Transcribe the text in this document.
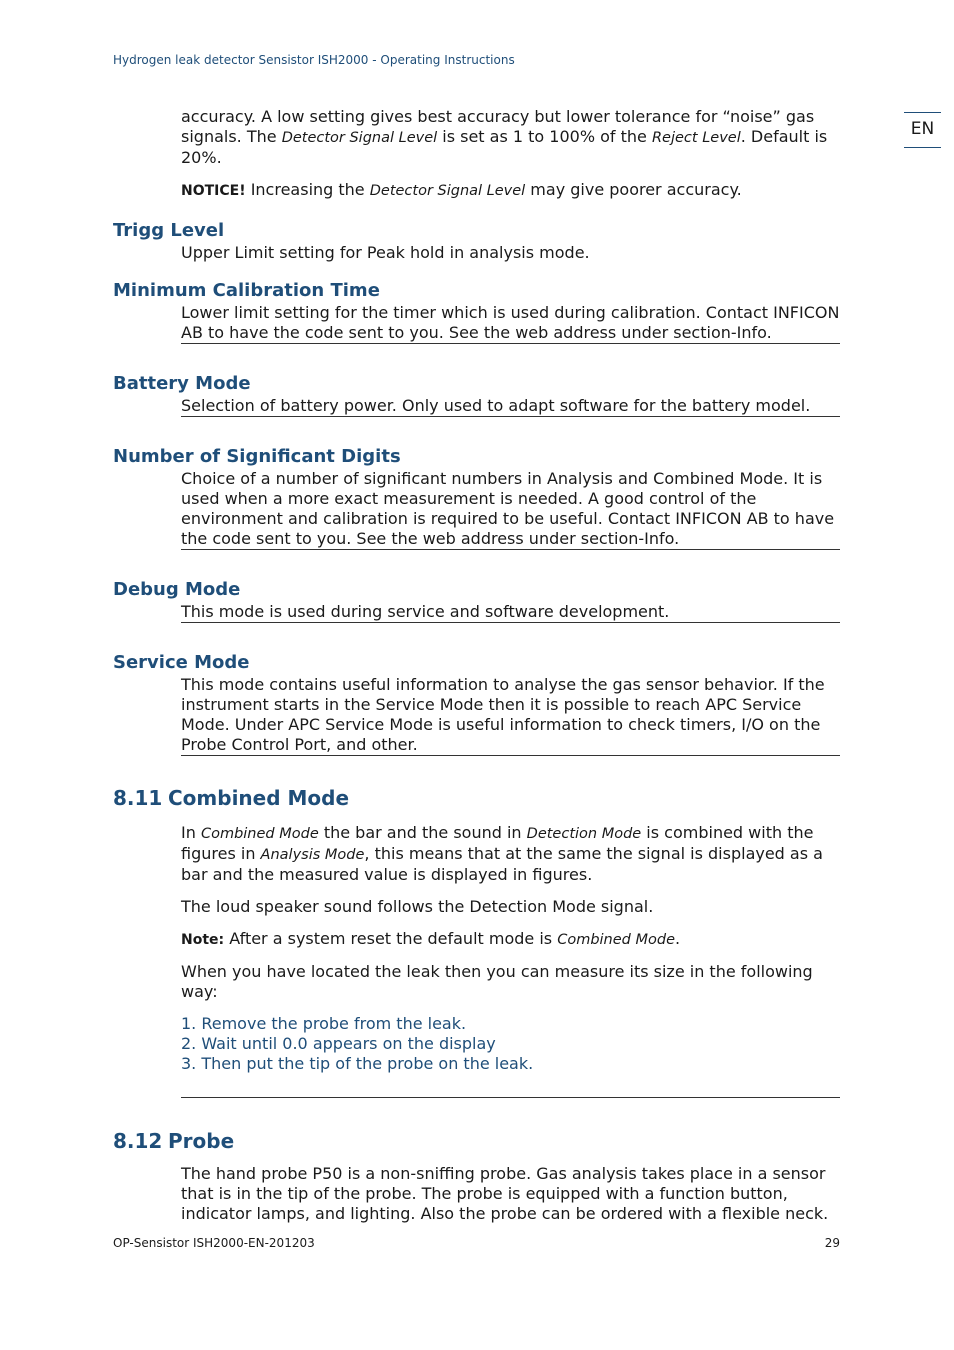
Hydrogen leak detector Sensistor ISH2000 - Operating Instructions
EN

accuracy. A low setting gives best accuracy but lower tolerance for “noise” gas signals. The Detector Signal Level is set as 1 to 100% of the Reject Level. Default is 20%.

NOTICE! Increasing the Detector Signal Level may give poorer accuracy.

Trigg Level

Upper Limit setting for Peak hold in analysis mode.

Minimum Calibration Time

Lower limit setting for the timer which is used during calibration. Contact INFICON AB to have the code sent to you. See the web address under section-Info.

Battery Mode

Selection of battery power. Only used to adapt software for the battery model.

Number of Significant Digits

Choice of a number of significant numbers in Analysis and Combined Mode. It is used when a more exact measurement is needed. A good control of the environment and calibration is required to be useful. Contact INFICON AB to have the code sent to you. See the web address under section-Info.

Debug Mode

This mode is used during service and software development.

Service Mode

This mode contains useful information to analyse the gas sensor behavior. If the instrument starts in the Service Mode then it is possible to reach APC Service Mode. Under APC Service Mode is useful information to check timers, I/O on the Probe Control Port, and other.

8.11 Combined Mode

In Combined Mode the bar and the sound in Detection Mode is combined with the figures in Analysis Mode, this means that at the same the signal is displayed as a bar and the measured value is displayed in figures.

The loud speaker sound follows the Detection Mode signal.

Note: After a system reset the default mode is Combined Mode.

When you have located the leak then you can measure its size in the following way:

1. Remove the probe from the leak.

2. Wait until 0.0 appears on the display

3. Then put the tip of the probe on the leak.

8.12 Probe

The hand probe P50 is a non-sniffing probe. Gas analysis takes place in a sensor that is in the tip of the probe. The probe is equipped with a function button, indicator lamps, and lighting. Also the probe can be ordered with a flexible neck.

OP-Sensistor ISH2000-EN-201203	29
